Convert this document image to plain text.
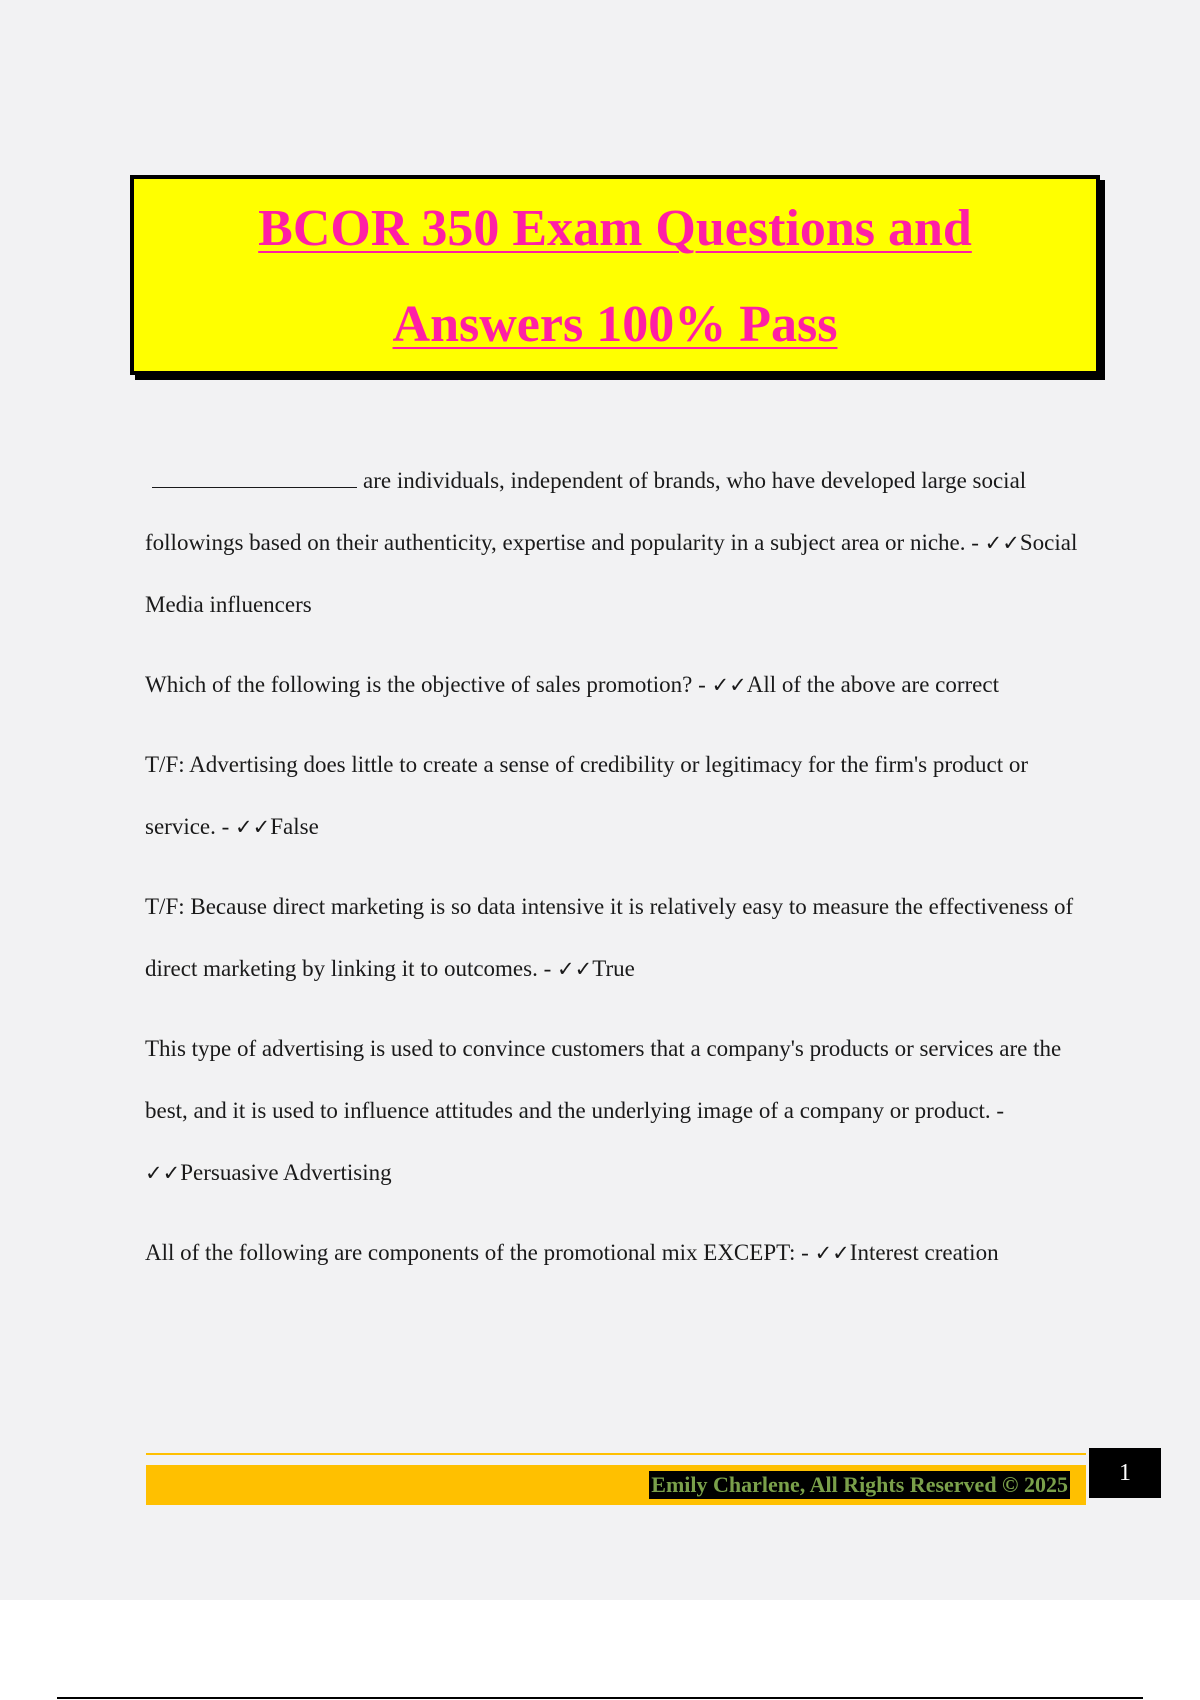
BCOR 350 Exam Questions and
Answers 100% Pass

are individuals, independent of brands, who have developed large social followings based on their authenticity, expertise and popularity in a subject area or niche. - ✓✓Social Media influencers

Which of the following is the objective of sales promotion? - ✓✓All of the above are correct

T/F: Advertising does little to create a sense of credibility or legitimacy for the firm's product or service. - ✓✓False

T/F: Because direct marketing is so data intensive it is relatively easy to measure the effectiveness of direct marketing by linking it to outcomes. - ✓✓True

This type of advertising is used to convince customers that a company's products or services are the best, and it is used to influence attitudes and the underlying image of a company or product. - ✓✓Persuasive Advertising

All of the following are components of the promotional mix EXCEPT: - ✓✓Interest creation

Emily Charlene, All Rights Reserved © 2025	1
